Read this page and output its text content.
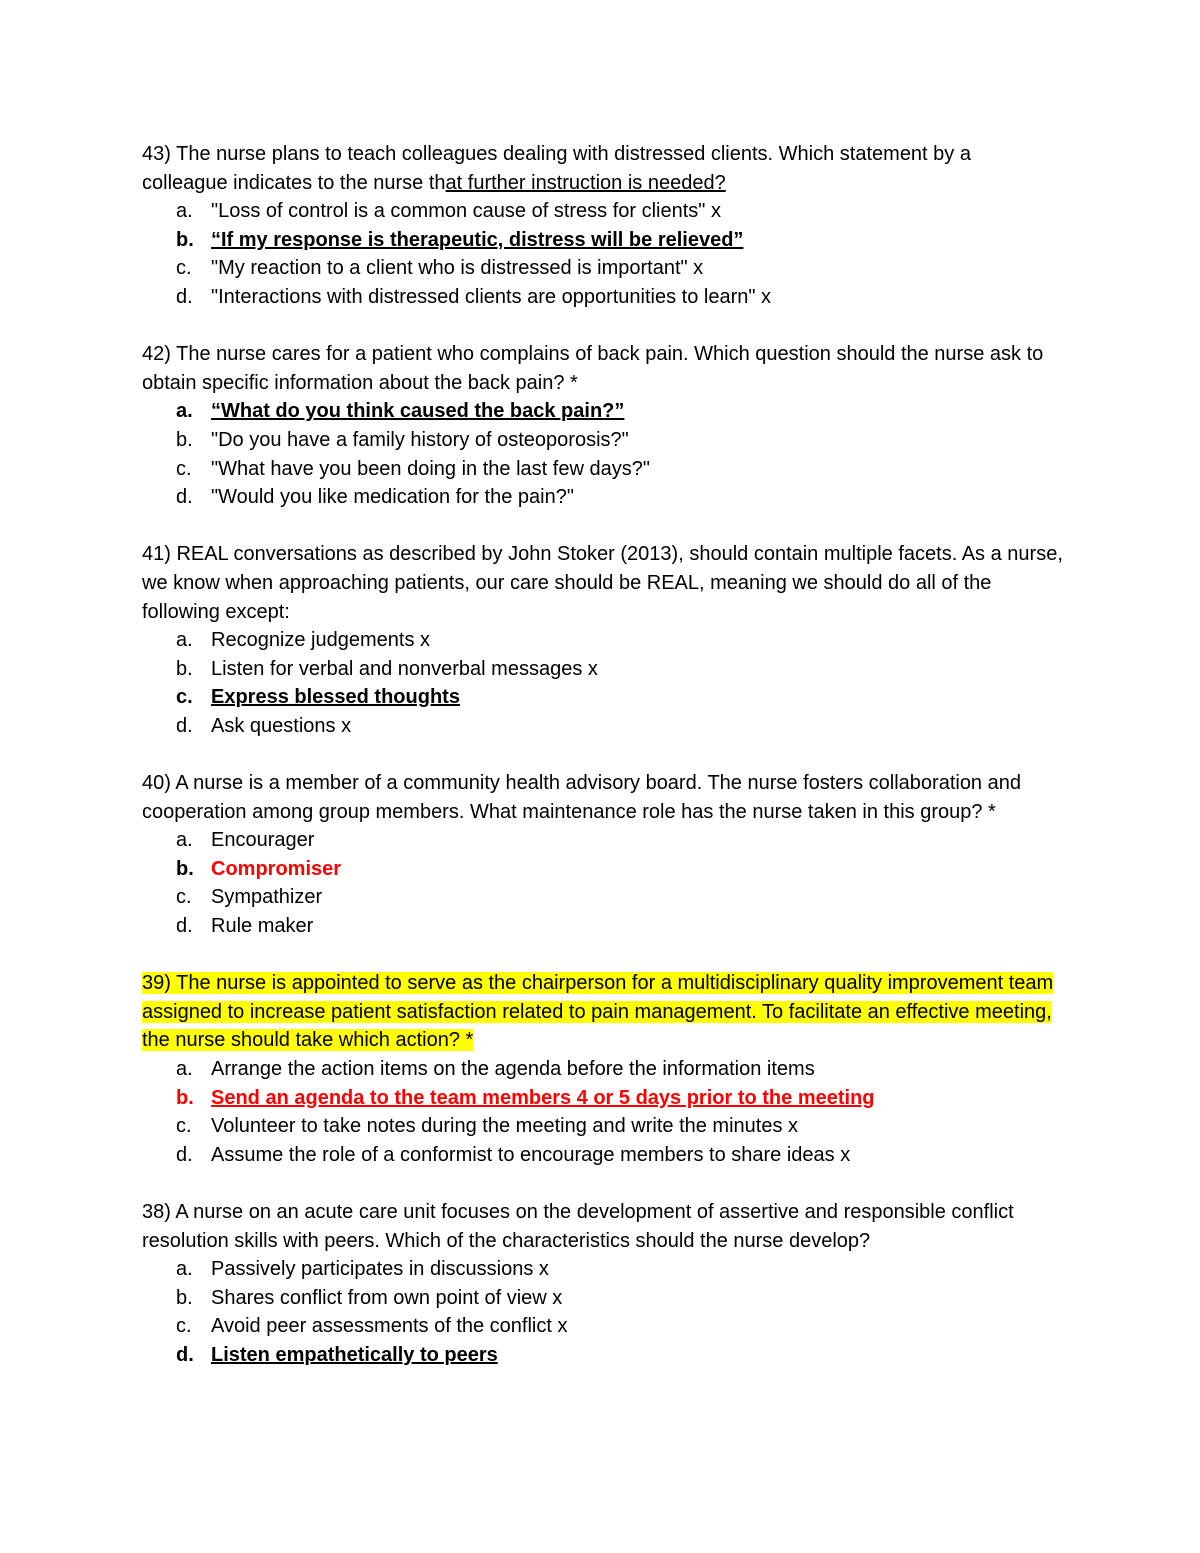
43) The nurse plans to teach colleagues dealing with distressed clients. Which statement by a
colleague indicates to the nurse that further instruction is needed?

a. "Loss of control is a common cause of stress for clients" x
b. “If my response is therapeutic, distress will be relieved”
c. "My reaction to a client who is distressed is important" x
d. "Interactions with distressed clients are opportunities to learn" x

42) The nurse cares for a patient who complains of back pain. Which question should the nurse ask to obtain specific information about the back pain? *

a. “What do you think caused the back pain?”
b. "Do you have a family history of osteoporosis?"
c. "What have you been doing in the last few days?"
d. "Would you like medication for the pain?"

41) REAL conversations as described by John Stoker (2013), should contain multiple facets. As a nurse, we know when approaching patients, our care should be REAL, meaning we should do all of the following except:

a. Recognize judgements x
b. Listen for verbal and nonverbal messages x
c. Express blessed thoughts
d. Ask questions x

40) A nurse is a member of a community health advisory board. The nurse fosters collaboration and cooperation among group members. What maintenance role has the nurse taken in this group? *

a. Encourager
b. Compromiser
c. Sympathizer
d. Rule maker

39) The nurse is appointed to serve as the chairperson for a multidisciplinary quality improvement team assigned to increase patient satisfaction related to pain management. To facilitate an effective meeting, the nurse should take which action? *

a. Arrange the action items on the agenda before the information items
b. Send an agenda to the team members 4 or 5 days prior to the meeting
c. Volunteer to take notes during the meeting and write the minutes x
d. Assume the role of a conformist to encourage members to share ideas x

38) A nurse on an acute care unit focuses on the development of assertive and responsible conflict resolution skills with peers. Which of the characteristics should the nurse develop?

a. Passively participates in discussions x
b. Shares conflict from own point of view x
c. Avoid peer assessments of the conflict x
d. Listen empathetically to peers
